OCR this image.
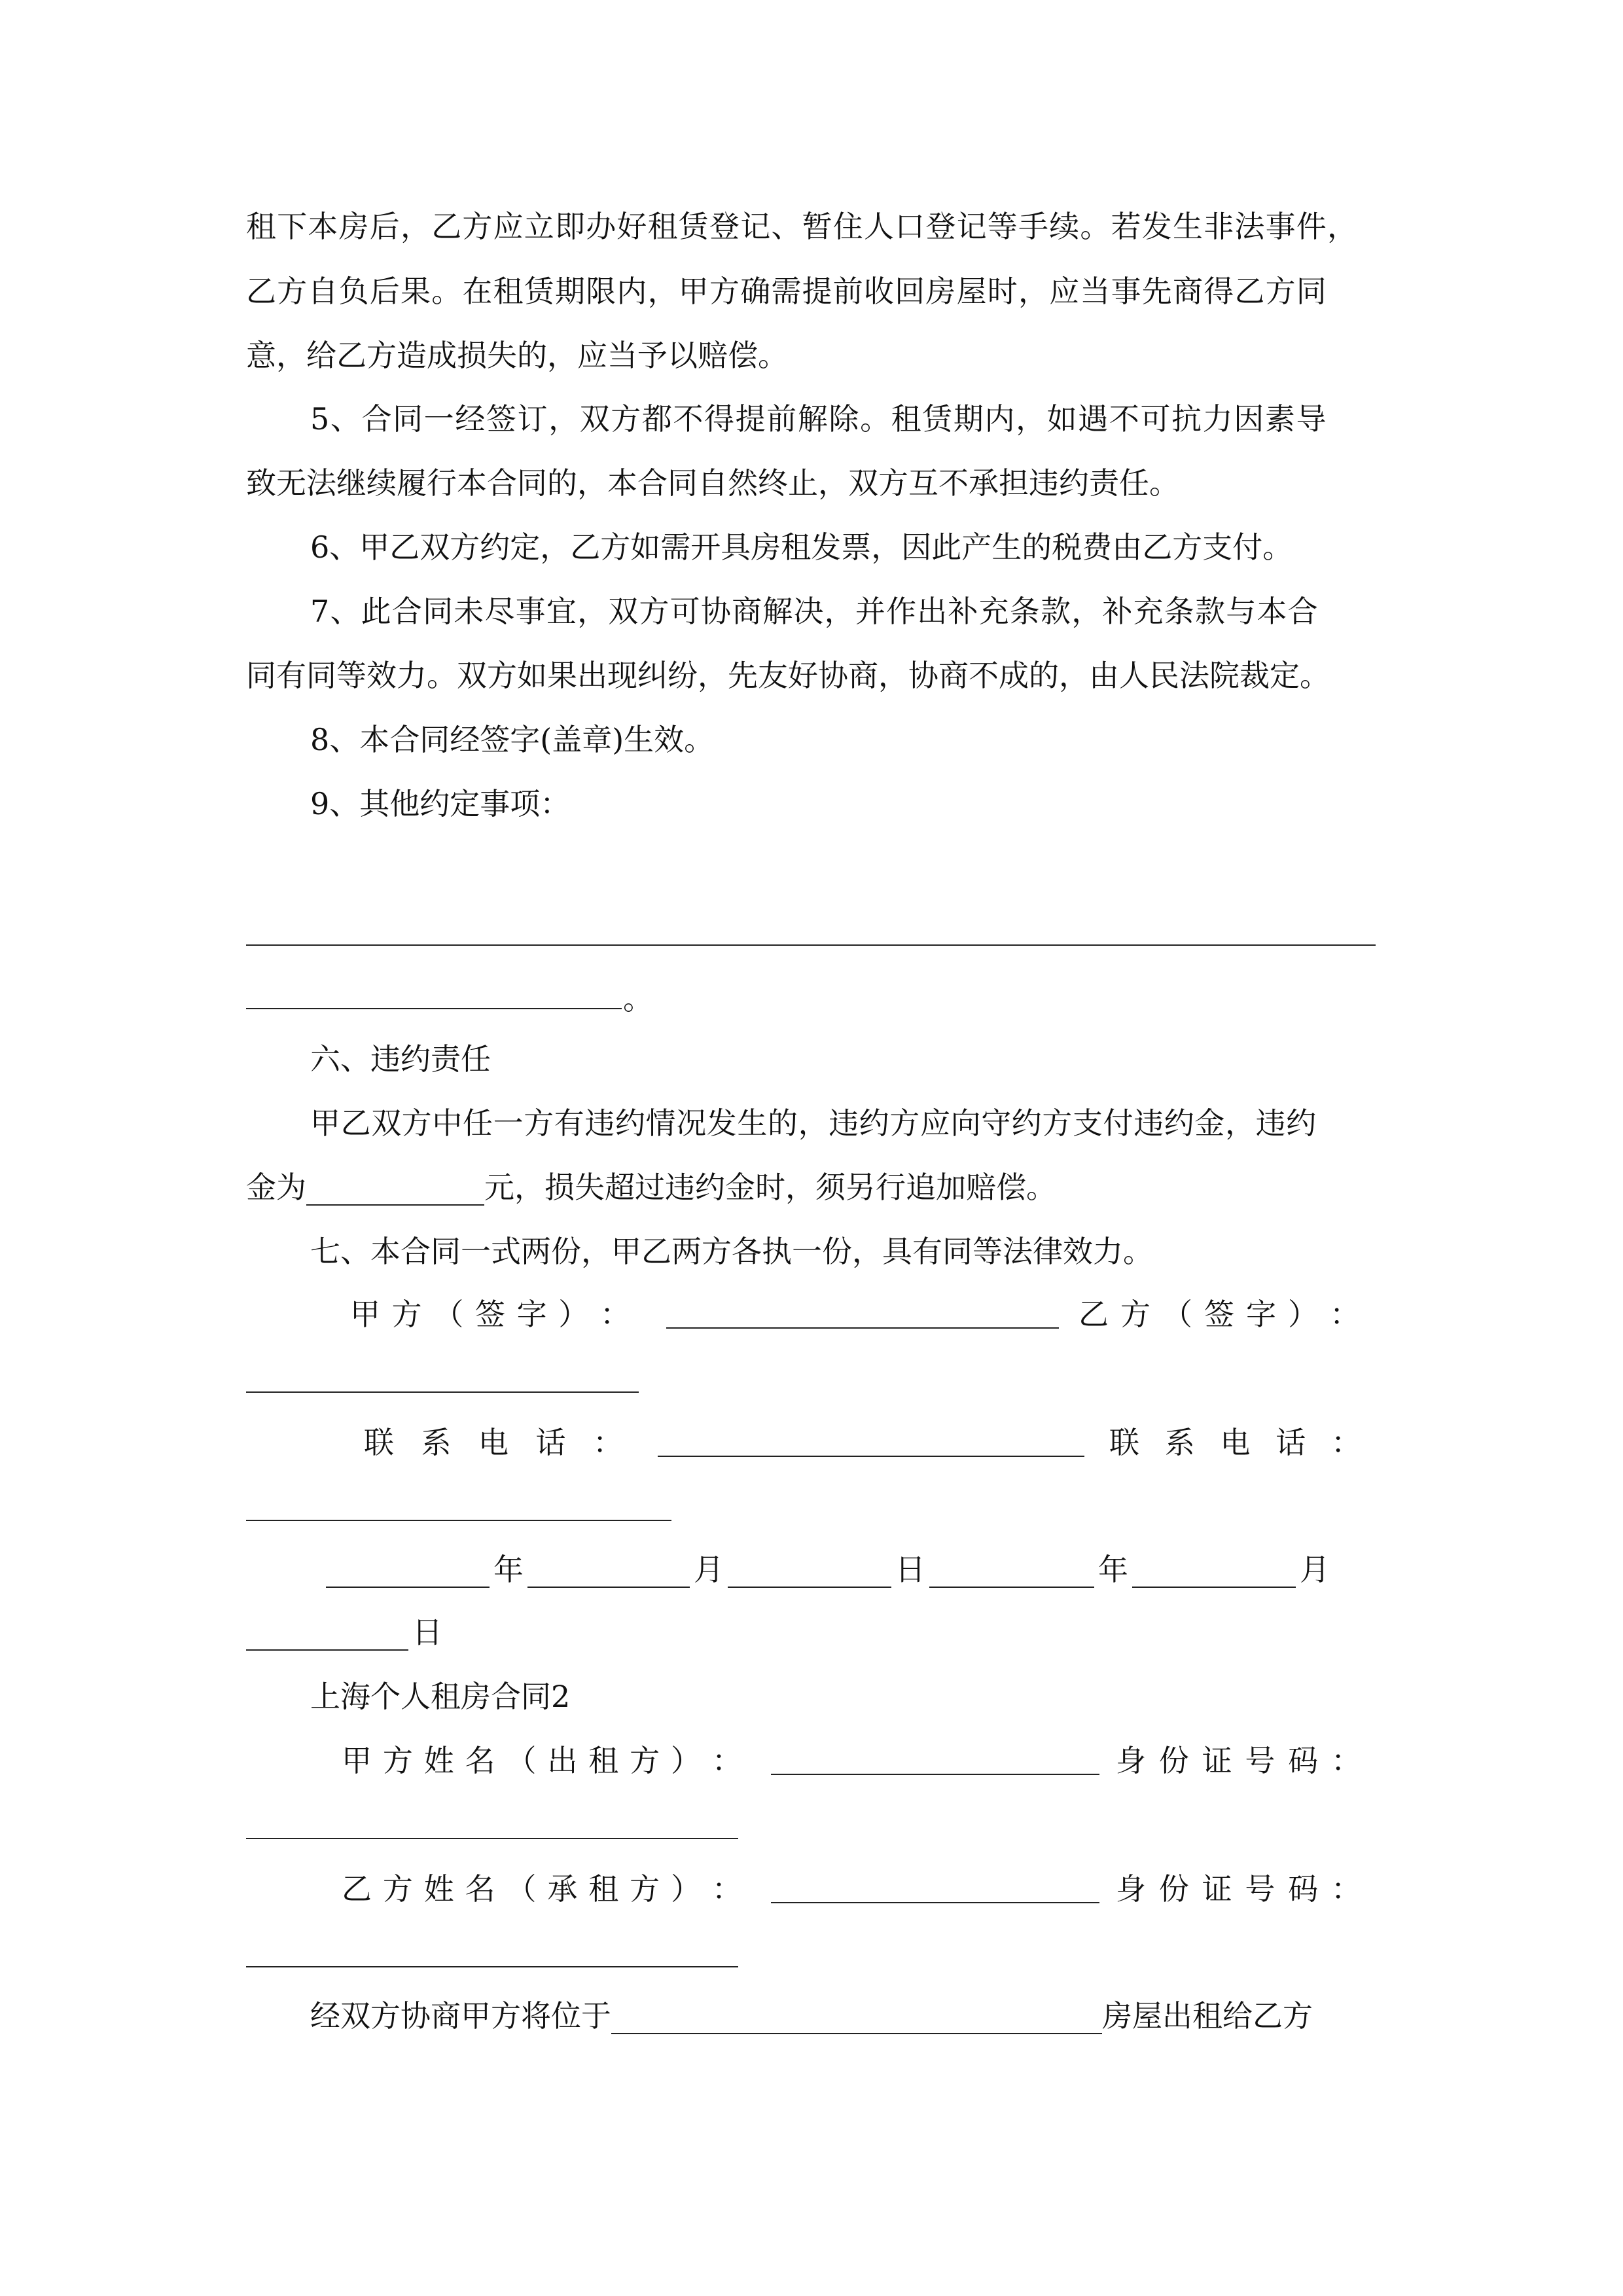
租下本房后，乙方应立即办好租赁登记、暂住人口登记等手续。若发生非法事件，
乙方自负后果。在租赁期限内，甲方确需提前收回房屋时，应当事先商得乙方同
意，给乙方造成损失的，应当予以赔偿。
5、合同一经签订，双方都不得提前解除。租赁期内，如遇不可抗力因素导
致无法继续履行本合同的，本合同自然终止，双方互不承担违约责任。
6、甲乙双方约定，乙方如需开具房租发票，因此产生的税费由乙方支付。
7、此合同未尽事宜，双方可协商解决，并作出补充条款，补充条款与本合
同有同等效力。双方如果出现纠纷，先友好协商，协商不成的，由人民法院裁定。
8、本合同经签字(盖章)生效。
9、其他约定事项：
。
六、违约责任
甲乙双方中任一方有违约情况发生的，违约方应向守约方支付违约金，违约
金为	元，损失超过违约金时，须另行追加赔偿。
七、本合同一式两份，甲乙两方各执一份，具有同等法律效力。
甲 方 （ 签 字 ） ：	乙 方 （ 签 字 ） ：
联 系 电 话 ：	联 系 电 话 ：
年	月	日	年	月
日
上海个人租房合同2
甲 方 姓 名 （ 出 租 方 ） ：	身 份 证 号 码 ：
乙 方 姓 名 （ 承 租 方 ） ：	身 份 证 号 码 ：
经双方协商甲方将位于	房屋出租给乙方
